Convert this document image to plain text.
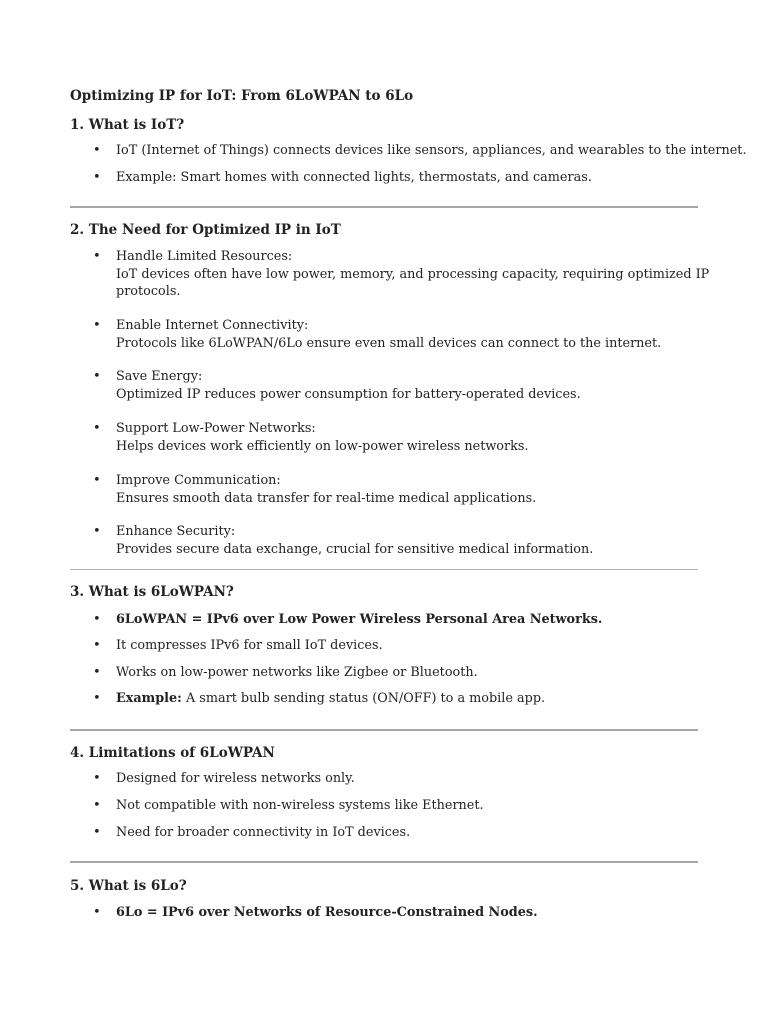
Optimizing IP for IoT: From 6LoWPAN to 6Lo
1. What is IoT?
• IoT (Internet of Things) connects devices like sensors, appliances, and wearables to the internet.
• Example: Smart homes with connected lights, thermostats, and cameras.
2. The Need for Optimized IP in IoT
• Handle Limited Resources:
IoT devices often have low power, memory, and processing capacity, requiring optimized IP
protocols.
• Enable Internet Connectivity:
Protocols like 6LoWPAN/6Lo ensure even small devices can connect to the internet.
• Save Energy:
Optimized IP reduces power consumption for battery-operated devices.
• Support Low-Power Networks:
Helps devices work efficiently on low-power wireless networks.
• Improve Communication:
Ensures smooth data transfer for real-time medical applications.
• Enhance Security:
Provides secure data exchange, crucial for sensitive medical information.
3. What is 6LoWPAN?
• 6LoWPAN = IPv6 over Low Power Wireless Personal Area Networks.
• It compresses IPv6 for small IoT devices.
• Works on low-power networks like Zigbee or Bluetooth.
• Example: A smart bulb sending status (ON/OFF) to a mobile app.
4. Limitations of 6LoWPAN
• Designed for wireless networks only.
• Not compatible with non-wireless systems like Ethernet.
• Need for broader connectivity in IoT devices.
5. What is 6Lo?
• 6Lo = IPv6 over Networks of Resource-Constrained Nodes.
